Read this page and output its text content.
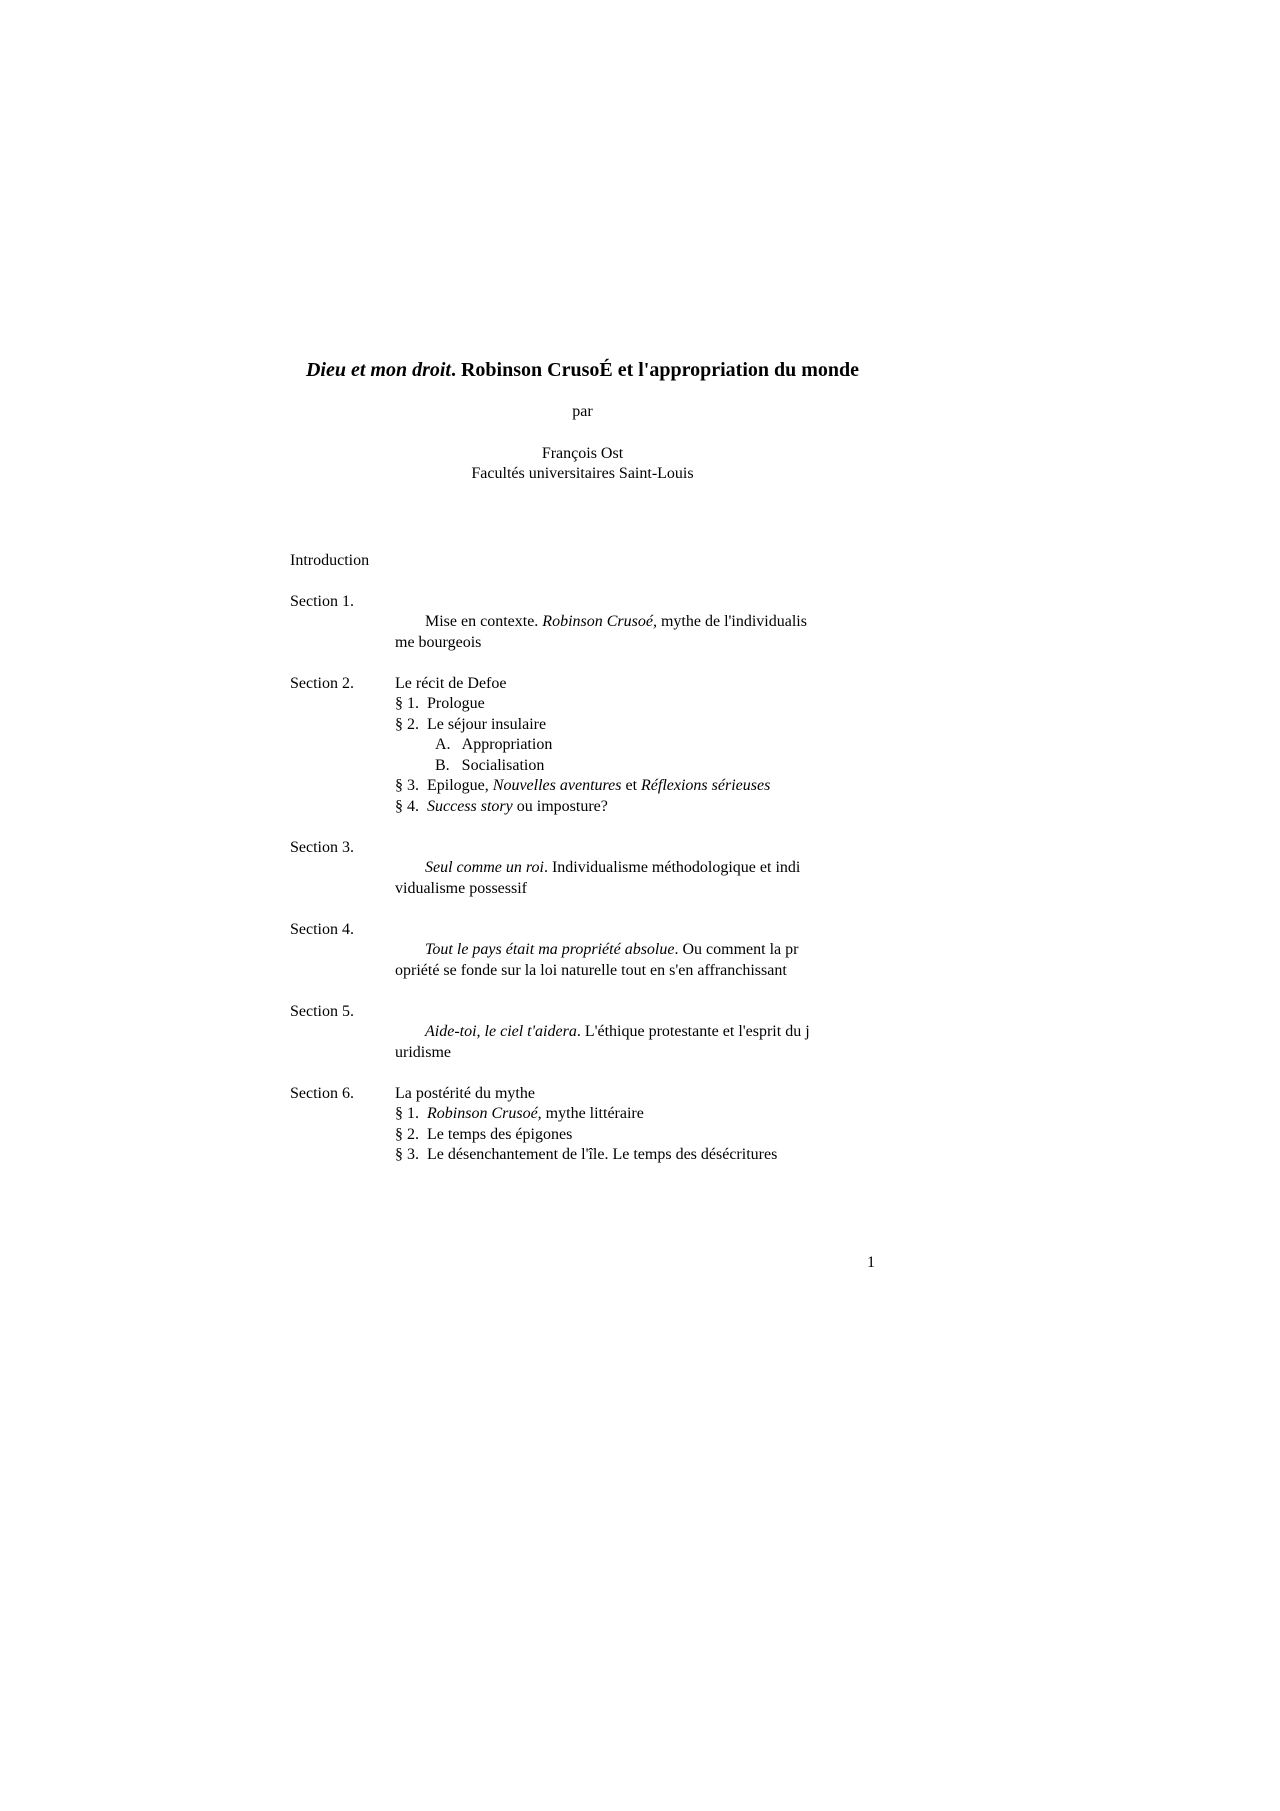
Dieu et mon droit. Robinson CrusoÉ et l'appropriation du monde
par
François Ost
Facultés universitaires Saint-Louis
Introduction
Section 1.
Mise en contexte. Robinson Crusoé, mythe de l'individualis
me bourgeois
Section 2.	Le récit de Defoe
§ 1.  Prologue
§ 2.  Le séjour insulaire
A.   Appropriation
B.   Socialisation
§ 3.  Epilogue, Nouvelles aventures et Réflexions sérieuses
§ 4.  Success story ou imposture?
Section 3.
Seul comme un roi. Individualisme méthodologique et indi
vidualisme possessif
Section 4.
Tout le pays était ma propriété absolue. Ou comment la pr
opriété se fonde sur la loi naturelle tout en s'en affranchissant
Section 5.
Aide-toi, le ciel t'aidera. L'éthique protestante et l'esprit du j
uridisme
Section 6.	La postérité du mythe
§ 1.  Robinson Crusoé, mythe littéraire
§ 2.  Le temps des épigones
§ 3.  Le désenchantement de l'île. Le temps des désécritures
1
